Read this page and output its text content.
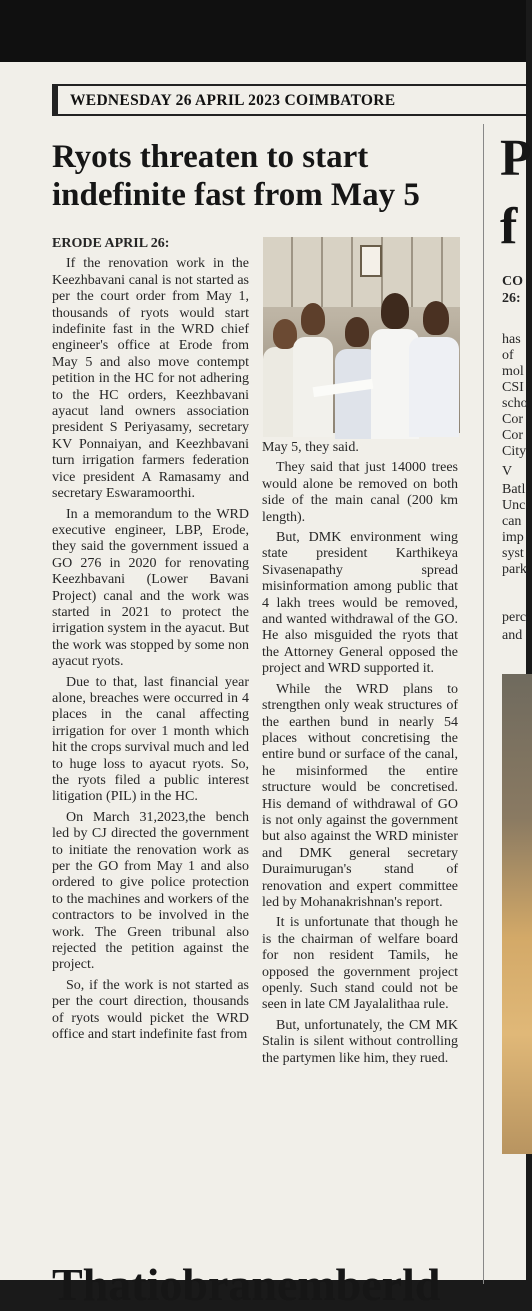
WEDNESDAY 26 APRIL 2023 COIMBATORE
Ryots threaten to start indefinite fast from May 5

ERODE APRIL 26:

If the renovation work in the Keezhbavani canal is not started as per the court order from May 1, thousands of ryots would start indefinite fast in the WRD chief engineer's office at Erode from May 5 and also move contempt petition in the HC for not adhering to the HC orders, Keezhbavani ayacut land owners association president S Periyasamy, secretary KV Ponnaiyan, and Keezhbavani turn irrigation farmers federation vice president A Ramasamy and secretary Eswaramoorthi.

In a memorandum to the WRD executive engineer, LBP, Erode, they said the government issued a GO 276 in 2020 for renovating Keezhbavani (Lower Bavani Project) canal and the work was started in 2021 to protect the irrigation system in the ayacut. But the work was stopped by some non ayacut ryots.

Due to that, last financial year alone, breaches were occurred in 4 places in the canal affecting irrigation for over 1 month which hit the crops survival much and led to huge loss to ayacut ryots. So, the ryots filed a public interest litigation (PIL) in the HC.

On March 31,2023,the bench led by CJ directed the government to initiate the renovation work as per the GO from May 1 and also ordered to give police protection to the machines and workers of the contractors to be involved in the work. The Green tribunal also rejected the petition against the project.

So, if the work is not started as per the court direction, thousands of ryots would picket the WRD office and start indefinite fast from

May 5, they said.

They said that just 14000 trees would alone be removed on both side of the main canal (200 km length).

But, DMK environment wing state president Karthikeya Sivasenapathy spread misinformation among public that 4 lakh trees would be removed, and wanted withdrawal of the GO. He also misguided the ryots that the Attorney General opposed the project and WRD supported it.

While the WRD plans to strengthen only weak structures of the earthen bund in nearly 54 places without concretising the entire bund or surface of the canal, he misinformed the entire structure would be concretised. His demand of withdrawal of GO is not only against the government but also against the WRD minister and DMK general secretary Duraimurugan's stand of renovation and expert committee led by Mohanakrishnan's report.

It is unfortunate that though he is the chairman of welfare board for non resident Tamils, he opposed the government project openly. Such stand could not be seen in late CM Jayalalithaa rule.

But, unfortunately, the CM MK Stalin is silent without controlling the partymen like him, they rued.

P
f
CO
26:
has
of
mol
CSI
scho
Cor
Cor
City
V
Batl
Unc
can
imp
syst
park
perc
and
Thatiobranemberld
